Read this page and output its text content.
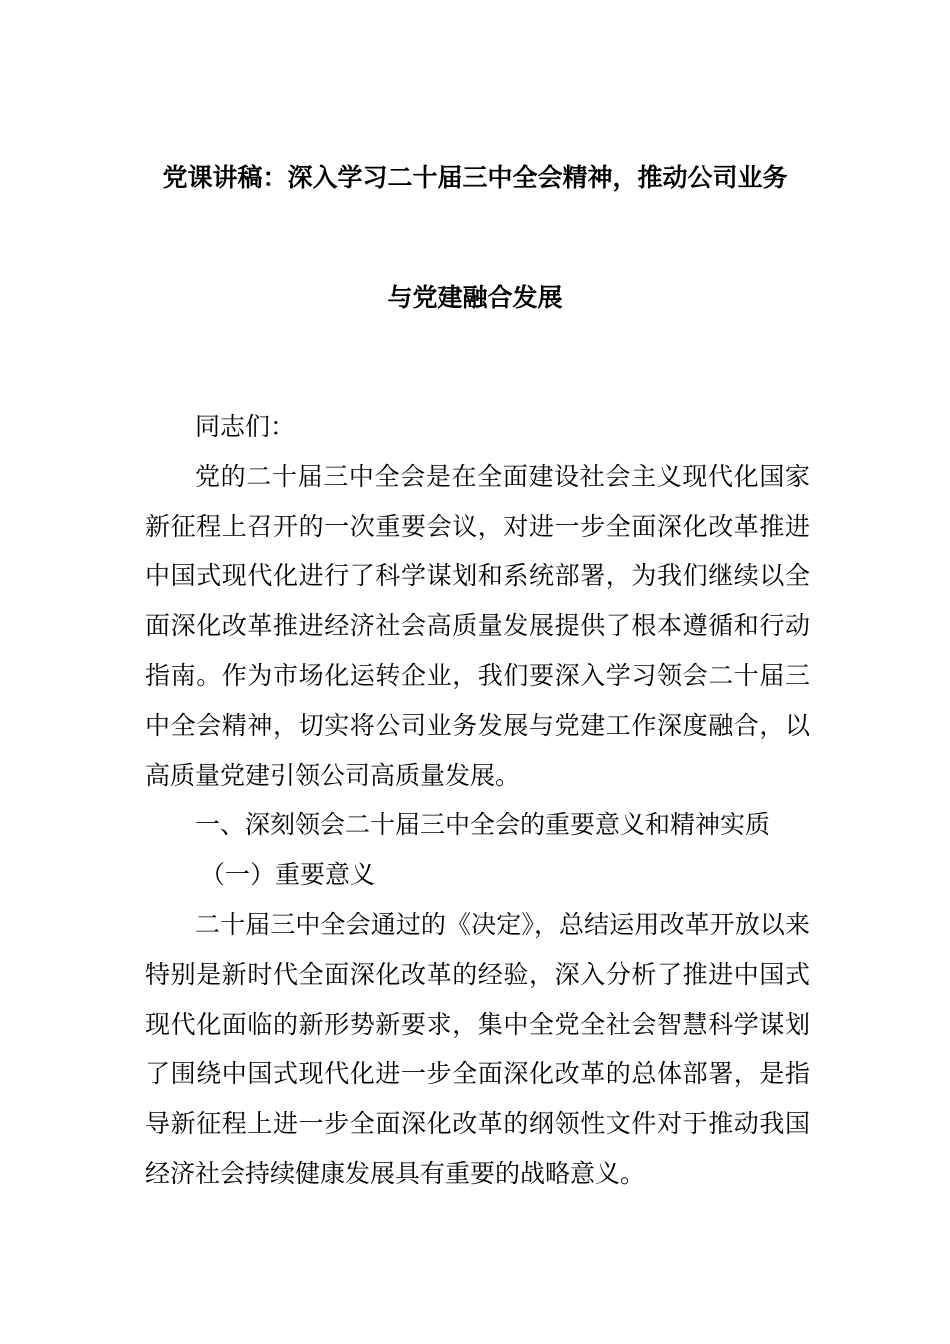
党课讲稿：深入学习二十届三中全会精神，推动公司业务
与党建融合发展

同志们：

党的二十届三中全会是在全面建设社会主义现代化国家新征程上召开的一次重要会议，对进一步全面深化改革推进中国式现代化进行了科学谋划和系统部署，为我们继续以全面深化改革推进经济社会高质量发展提供了根本遵循和行动指南。作为市场化运转企业，我们要深入学习领会二十届三中全会精神，切实将公司业务发展与党建工作深度融合，以高质量党建引领公司高质量发展。

一、深刻领会二十届三中全会的重要意义和精神实质

（一）重要意义

二十届三中全会通过的《决定》，总结运用改革开放以来特别是新时代全面深化改革的经验，深入分析了推进中国式现代化面临的新形势新要求，集中全党全社会智慧科学谋划了围绕中国式现代化进一步全面深化改革的总体部署，是指导新征程上进一步全面深化改革的纲领性文件对于推动我国经济社会持续健康发展具有重要的战略意义。
